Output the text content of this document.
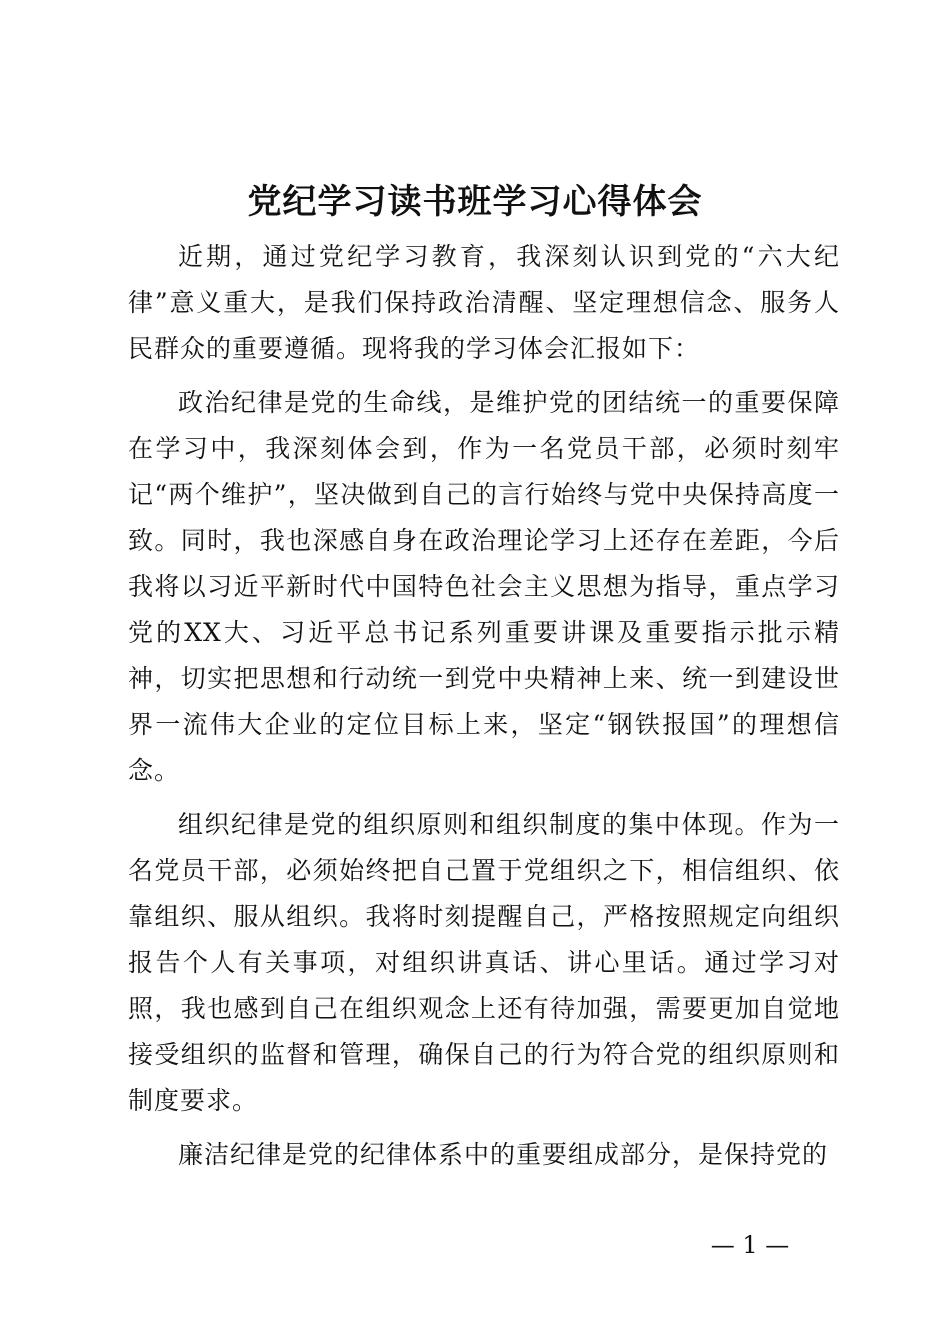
党纪学习读书班学习心得体会

近期，通过党纪学习教育，我深刻认识到党的“六大纪律”意义重大，是我们保持政治清醒、坚定理想信念、服务人民群众的重要遵循。现将我的学习体会汇报如下：

政治纪律是党的生命线，是维护党的团结统一的重要保障在学习中，我深刻体会到，作为一名党员干部，必须时刻牢记“两个维护”，坚决做到自己的言行始终与党中央保持高度一致。同时，我也深感自身在政治理论学习上还存在差距，今后我将以习近平新时代中国特色社会主义思想为指导，重点学习党的XX大、习近平总书记系列重要讲课及重要指示批示精神，切实把思想和行动统一到党中央精神上来、统一到建设世界一流伟大企业的定位目标上来，坚定“钢铁报国”的理想信念。

组织纪律是党的组织原则和组织制度的集中体现。作为一名党员干部，必须始终把自己置于党组织之下，相信组织、依靠组织、服从组织。我将时刻提醒自己，严格按照规定向组织报告个人有关事项，对组织讲真话、讲心里话。通过学习对照，我也感到自己在组织观念上还有待加强，需要更加自觉地接受组织的监督和管理，确保自己的行为符合党的组织原则和制度要求。

廉洁纪律是党的纪律体系中的重要组成部分，是保持党的

— 1 —
